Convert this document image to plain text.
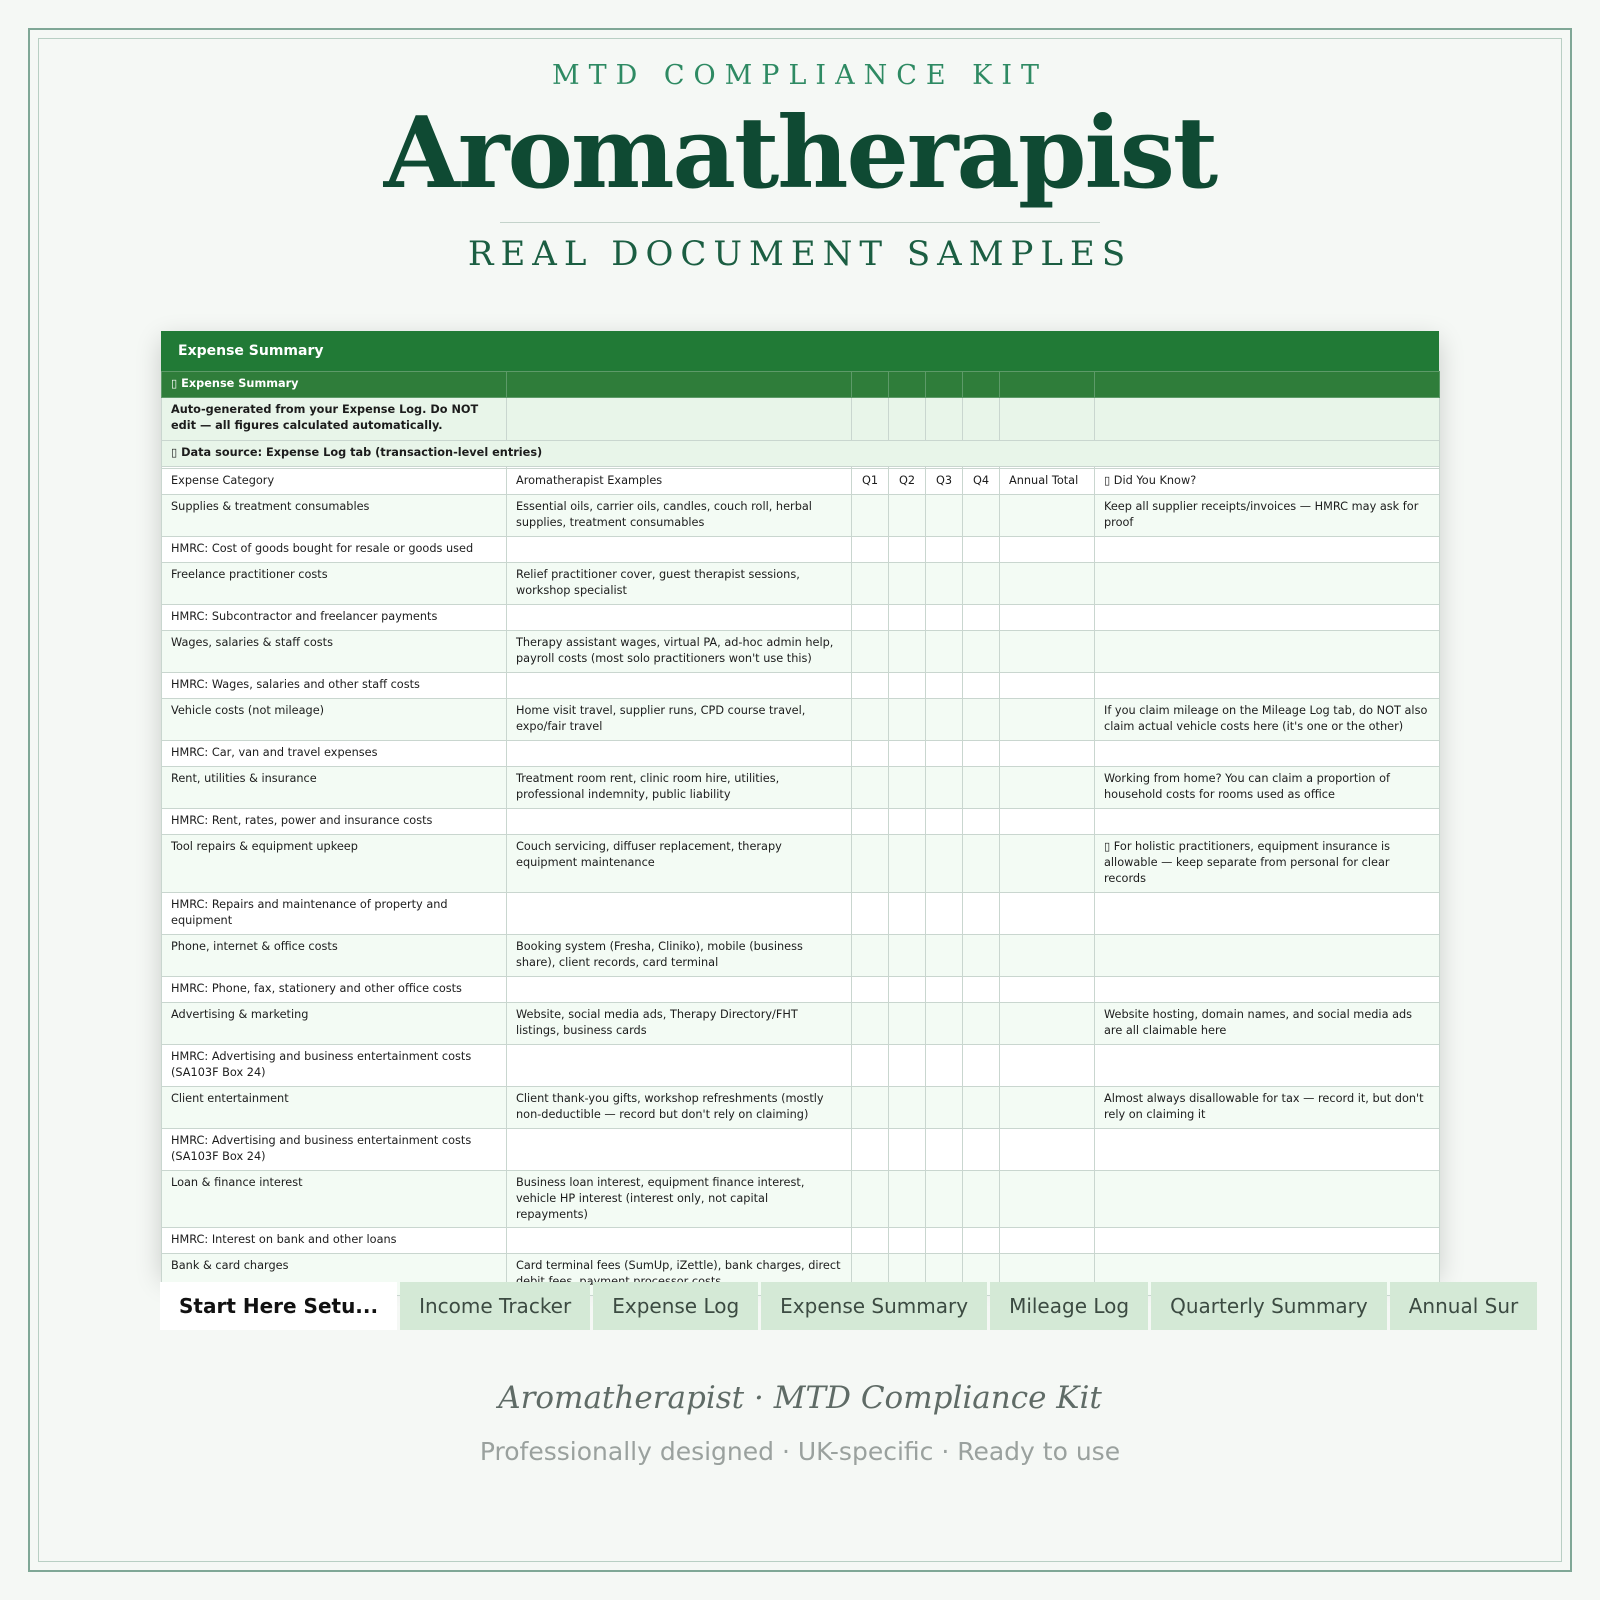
MTD COMPLIANCE KIT
Aromatherapist
REAL DOCUMENT SAMPLES
Expense Summary
▯ Expense Summary							
Auto-generated from your Expense Log. Do NOT edit — all figures calculated automatically.							
▯ Data source: Expense Log tab (transaction-level entries)							

Expense Category	Aromatherapist Examples	Q1	Q2	Q3	Q4	Annual Total	▯ Did You Know?
Supplies & treatment consumables	Essential oils, carrier oils, candles, couch roll, herbal supplies, treatment consumables						Keep all supplier receipts/invoices — HMRC may ask for proof
HMRC: Cost of goods bought for resale or goods used							
Freelance practitioner costs	Relief practitioner cover, guest therapist sessions, workshop specialist						
HMRC: Subcontractor and freelancer payments							
Wages, salaries & staff costs	Therapy assistant wages, virtual PA, ad-hoc admin help, payroll costs (most solo practitioners won't use this)						
HMRC: Wages, salaries and other staff costs							
Vehicle costs (not mileage)	Home visit travel, supplier runs, CPD course travel, expo/fair travel						If you claim mileage on the Mileage Log tab, do NOT also claim actual vehicle costs here (it's one or the other)
HMRC: Car, van and travel expenses							
Rent, utilities & insurance	Treatment room rent, clinic room hire, utilities, professional indemnity, public liability						Working from home? You can claim a proportion of household costs for rooms used as office
HMRC: Rent, rates, power and insurance costs							
Tool repairs & equipment upkeep	Couch servicing, diffuser replacement, therapy equipment maintenance						▯ For holistic practitioners, equipment insurance is allowable — keep separate from personal for clear records
HMRC: Repairs and maintenance of property and equipment							
Phone, internet & office costs	Booking system (Fresha, Cliniko), mobile (business share), client records, card terminal						
HMRC: Phone, fax, stationery and other office costs							
Advertising & marketing	Website, social media ads, Therapy Directory/FHT listings, business cards						Website hosting, domain names, and social media ads are all claimable here
HMRC: Advertising and business entertainment costs (SA103F Box 24)							
Client entertainment	Client thank-you gifts, workshop refreshments (mostly non-deductible — record but don't rely on claiming)						Almost always disallowable for tax — record it, but don't rely on claiming it
HMRC: Advertising and business entertainment costs (SA103F Box 24)							
Loan & finance interest	Business loan interest, equipment finance interest, vehicle HP interest (interest only, not capital repayments)						
HMRC: Interest on bank and other loans							
Bank & card charges	Card terminal fees (SumUp, iZettle), bank charges, direct						
Start Here Setu... Income Tracker Expense Log Expense Summary Mileage Log Quarterly Summary Annual Sur
Aromatherapist · MTD Compliance Kit
Professionally designed · UK-specific · Ready to use
